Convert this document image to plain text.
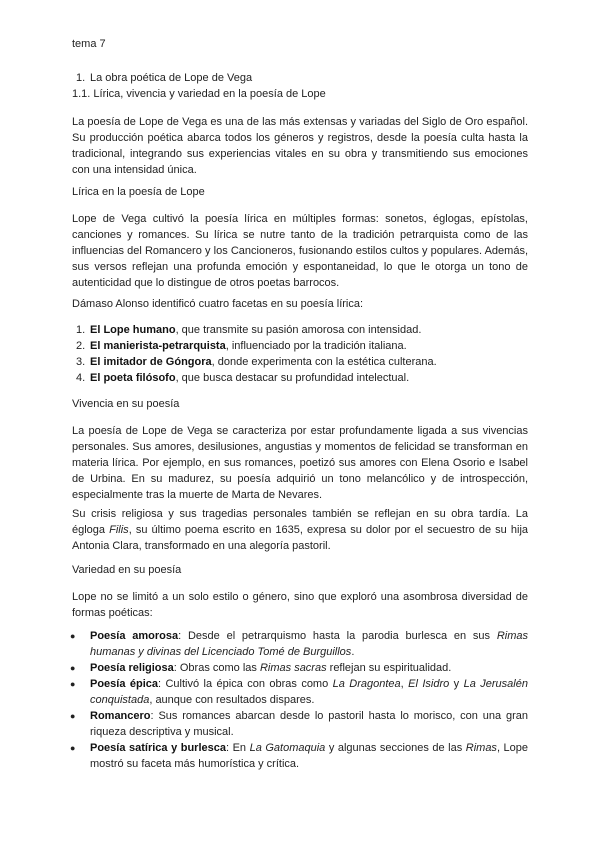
tema 7
1. La obra poética de Lope de Vega
1.1. Lírica, vivencia y variedad en la poesía de Lope

La poesía de Lope de Vega es una de las más extensas y variadas del Siglo de Oro español. Su producción poética abarca todos los géneros y registros, desde la poesía culta hasta la tradicional, integrando sus experiencias vitales en su obra y transmitiendo sus emociones con una intensidad única.

Lírica en la poesía de Lope

Lope de Vega cultivó la poesía lírica en múltiples formas: sonetos, églogas, epístolas, canciones y romances. Su lírica se nutre tanto de la tradición petrarquista como de las influencias del Romancero y los Cancioneros, fusionando estilos cultos y populares. Además, sus versos reflejan una profunda emoción y espontaneidad, lo que le otorga un tono de autenticidad que lo distingue de otros poetas barrocos.

Dámaso Alonso identificó cuatro facetas en su poesía lírica:
1. El Lope humano, que transmite su pasión amorosa con intensidad.
2. El manierista-petrarquista, influenciado por la tradición italiana.
3. El imitador de Góngora, donde experimenta con la estética culterana.
4. El poeta filósofo, que busca destacar su profundidad intelectual.
Vivencia en su poesía

La poesía de Lope de Vega se caracteriza por estar profundamente ligada a sus vivencias personales. Sus amores, desilusiones, angustias y momentos de felicidad se transforman en materia lírica. Por ejemplo, en sus romances, poetizó sus amores con Elena Osorio e Isabel de Urbina. En su madurez, su poesía adquirió un tono melancólico y de introspección, especialmente tras la muerte de Marta de Nevares.

Su crisis religiosa y sus tragedias personales también se reflejan en su obra tardía. La égloga Filis, su último poema escrito en 1635, expresa su dolor por el secuestro de su hija Antonia Clara, transformado en una alegoría pastoril.

Variedad en su poesía

Lope no se limitó a un solo estilo o género, sino que exploró una asombrosa diversidad de formas poéticas:

● Poesía amorosa: Desde el petrarquismo hasta la parodia burlesca en sus Rimas humanas y divinas del Licenciado Tomé de Burguillos.
● Poesía religiosa: Obras como las Rimas sacras reflejan su espiritualidad.
● Poesía épica: Cultivó la épica con obras como La Dragontea, El Isidro y La Jerusalén conquistada, aunque con resultados dispares.
● Romancero: Sus romances abarcan desde lo pastoril hasta lo morisco, con una gran riqueza descriptiva y musical.
● Poesía satírica y burlesca: En La Gatomaquia y algunas secciones de las Rimas, Lope mostró su faceta más humorística y crítica.
